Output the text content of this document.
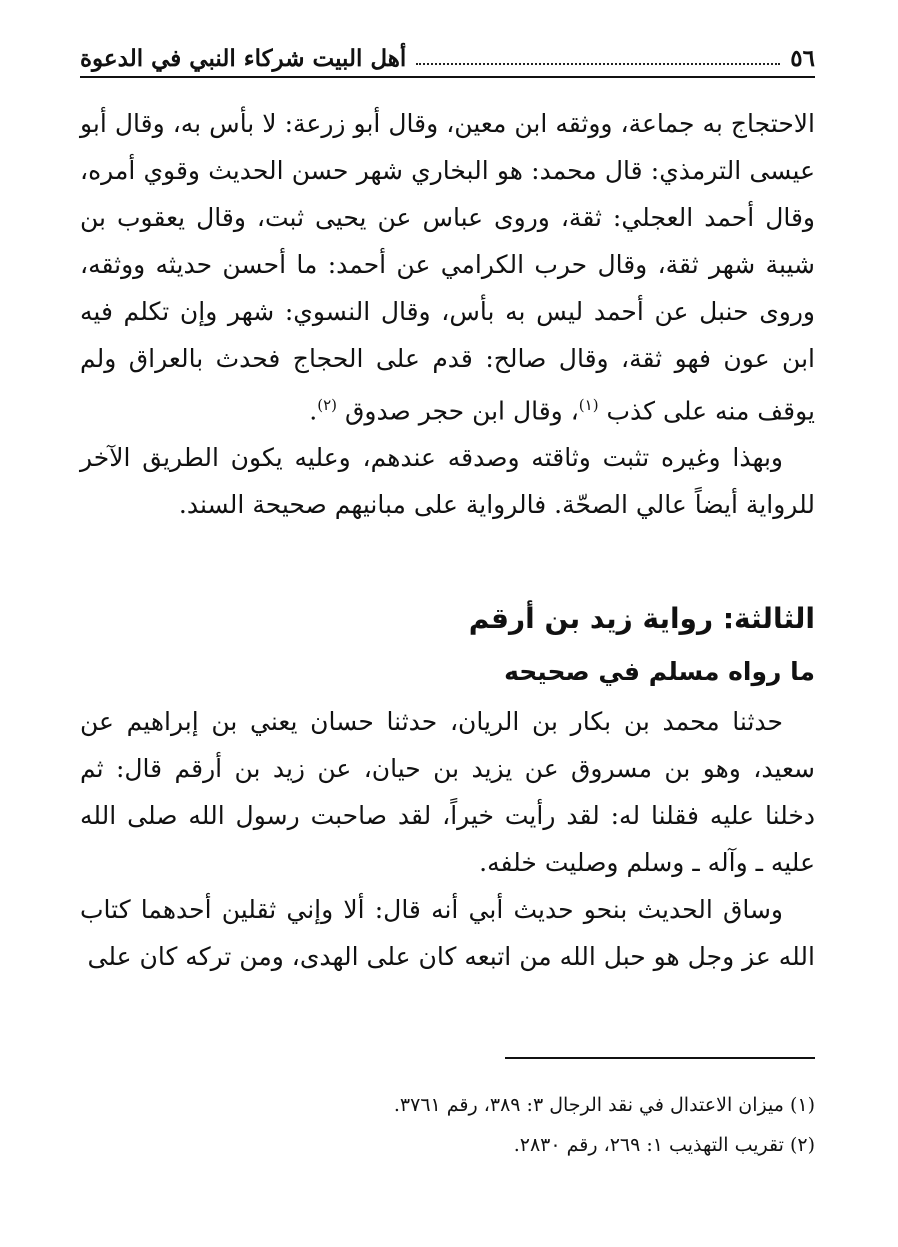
٥٦
أهل البيت شركاء النبي في الدعوة

الاحتجاج به جماعة، ووثقه ابن معين، وقال أبو زرعة: لا بأس به، وقال أبو عيسى الترمذي: قال محمد: هو البخاري شهر حسن الحديث وقوي أمره، وقال أحمد العجلي: ثقة، وروى عباس عن يحيى ثبت، وقال يعقوب بن شيبة شهر ثقة، وقال حرب الكرامي عن أحمد: ما أحسن حديثه ووثقه، وروى حنبل عن أحمد ليس به بأس، وقال النسوي: شهر وإن تكلم فيه ابن عون فهو ثقة، وقال صالح: قدم على الحجاج فحدث بالعراق ولم يوقف منه على كذب $^{(١)}$، وقال ابن حجر صدوق $^{(٢)}$.

وبهذا وغيره تثبت وثاقته وصدقه عندهم، وعليه يكون الطريق الآخر للرواية أيضاً عالي الصحّة. فالرواية على مبانيهم صحيحة السند.

الثالثة: رواية زيد بن أرقم
ما رواه مسلم في صحيحه

حدثنا محمد بن بكار بن الريان، حدثنا حسان يعني بن إبراهيم عن سعيد، وهو بن مسروق عن يزيد بن حيان، عن زيد بن أرقم قال: ثم دخلنا عليه فقلنا له: لقد رأيت خيراً، لقد صاحبت رسول الله صلى الله عليه ـ وآله ـ وسلم وصليت خلفه.

وساق الحديث بنحو حديث أبي أنه قال: ألا وإني ثقلين أحدهما كتاب الله عز وجل هو حبل الله من اتبعه كان على الهدى، ومن تركه كان على

(١) ميزان الاعتدال في نقد الرجال ٣: ٣٨٩، رقم ٣٧٦١.
(٢) تقريب التهذيب ١: ٢٦٩، رقم ٢٨٣٠.
